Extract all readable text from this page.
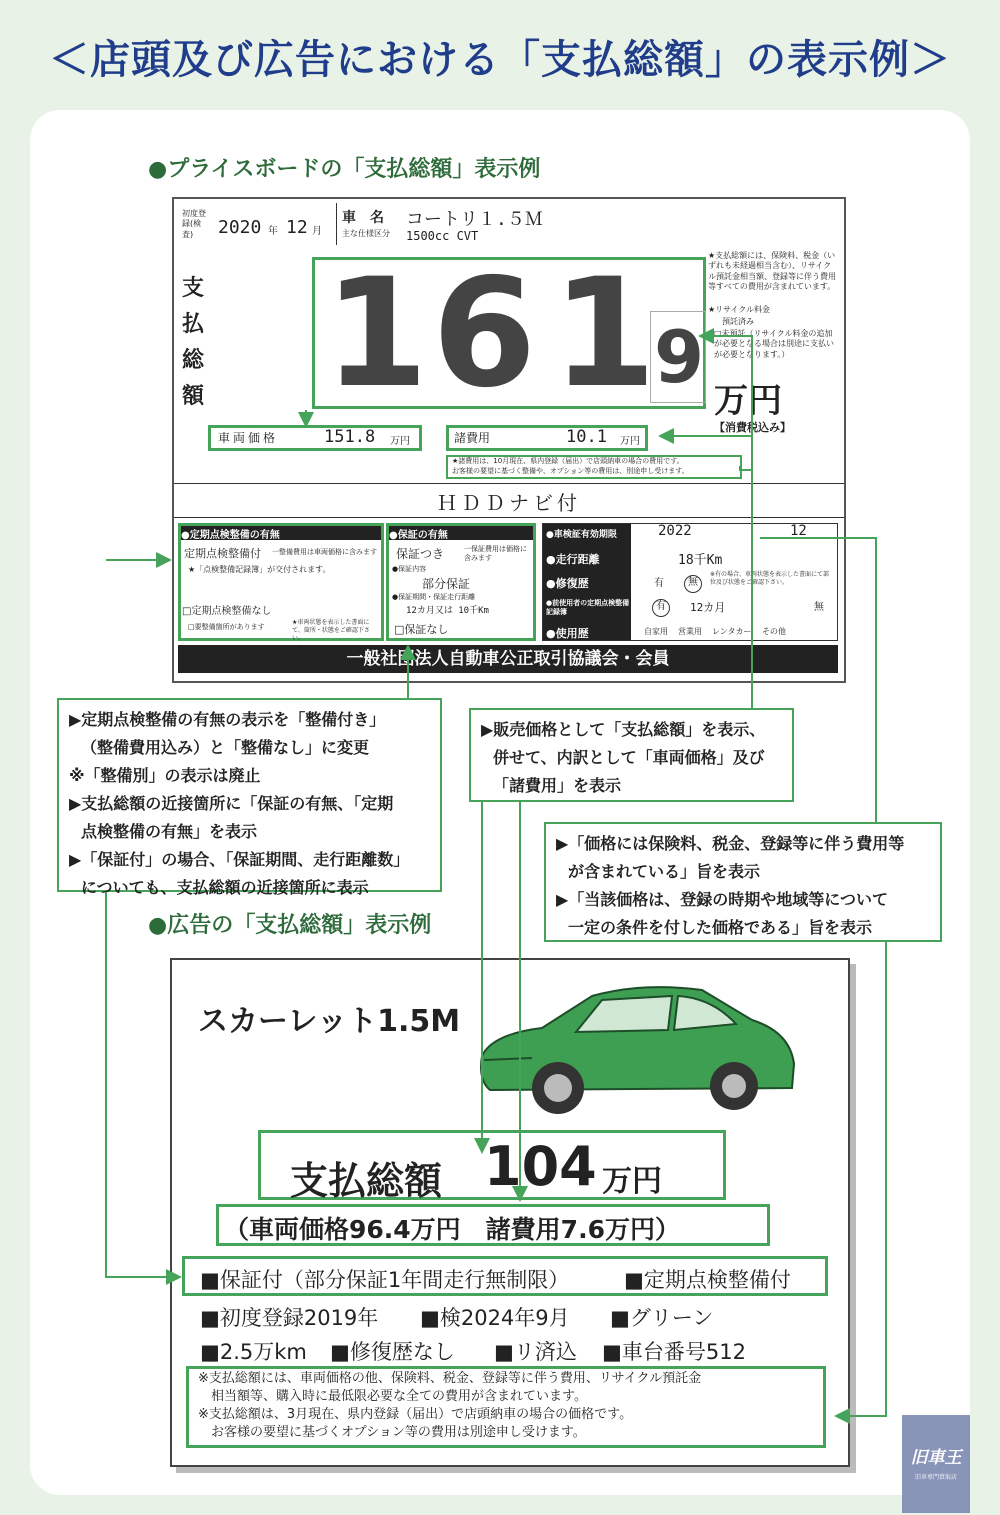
＜店頭及び広告における「支払総額」の表示例＞
●プライスボードの「支払総額」表示例
初度登録(検査)	2020 年 12 月
車　名 コートリ１.５Ｍ
主な仕様区分 1500cc CVT
支払総額 1 6 1
9
万円
【消費税込み】
★支払総額には、保険料、税金（いずれも未経過相当含む）、リサイクル預託金相当額、登録等に伴う費用等すべての費用が含まれています。
★リサイクル料金
預託済み
□未預託（リサイクル料金の追加が必要となる場合は別途に支払いが必要となります。）
車両価格	151.8 万円	諸費用	10.1 万円
★諸費用は、10月現在、県内登録（届出）で店頭納車の場合の費用です。
お客様の要望に基づく整備や、オプション等の費用は、別途申し受けます。
ＨＤＤナビ付
●定期点検整備の有無
定期点検整備付 一整備費用は車両価格に含みます
★「点検整備記録簿」が交付されます。
□定期点検整備なし
□要整備箇所があります
★車両状態を表示した書面にて、箇所・状態をご確認下さい。
●保証の有無
保証つき	一保証費用は価格に含みます
●保証内容
部分保証
●保証期間・保証走行距離
12カ月又は 10千Km
□保証なし
●車検証有効期限	2022	12
●走行距離	18千Km
●修復歴	有	無
※有の場合、車両状態を表示した書面にて部位及び状態をご確認下さい。
●前使用者の定期点検整備記録簿
有	12カ月	無
●使用歴	自家用 営業用 レンタカー その他
一般社団法人自動車公正取引協議会・会員
▶定期点検整備の有無の表示を「整備付き」
（整備費用込み）と「整備なし」に変更
※「整備別」の表示は廃止
▶支払総額の近接箇所に「保証の有無、「定期
点検整備の有無」を表示
▶「保証付」の場合、「保証期間、走行距離数」
についても、支払総額の近接箇所に表示
▶販売価格として「支払総額」を表示、
併せて、内訳として「車両価格」及び
「諸費用」を表示
▶「価格には保険料、税金、登録等に伴う費用等
が含まれている」旨を表示
▶「当該価格は、登録の時期や地域等について
一定の条件を付した価格である」旨を表示
●広告の「支払総額」表示例
スカーレット1.5M
支払総額 104 万円
（車両価格96.4万円　諸費用7.6万円）
■保証付（部分保証1年間走行無制限）	■定期点検整備付
■初度登録2019年 ■検2024年9月 ■グリーン
■2.5万km ■修復歴なし ■リ済込 ■車台番号512
※支払総額には、車両価格の他、保険料、税金、登録等に伴う費用、リサイクル預託金
　相当額等、購入時に最低限必要な全ての費用が含まれています。
※支払総額は、3月現在、県内登録（届出）で店頭納車の場合の価格です。
　お客様の要望に基づくオプション等の費用は別途申し受けます。
旧車王
旧車専門買取店
